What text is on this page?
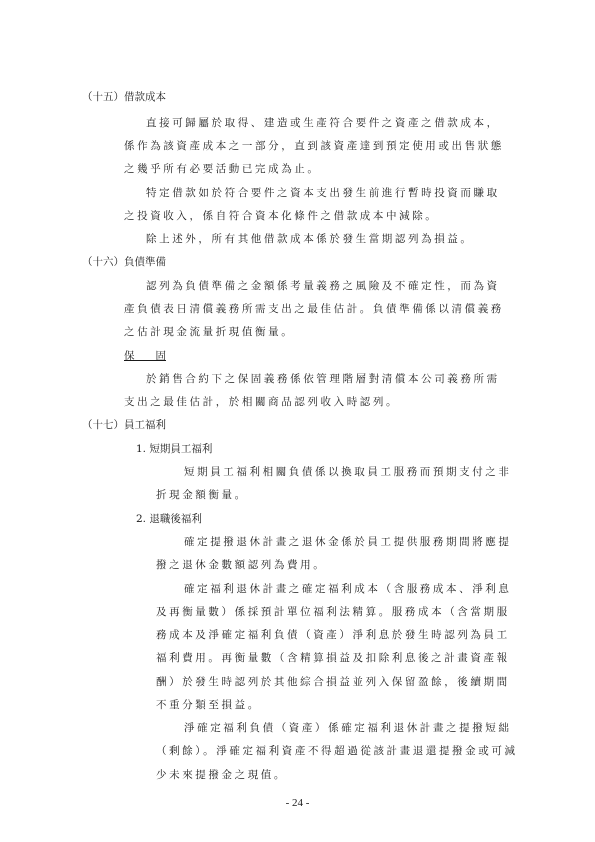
（十五）借款成本
直接可歸屬於取得、建造或生產符合要件之資產之借款成本，
係作為該資產成本之一部分，直到該資產達到預定使用或出售狀態
之幾乎所有必要活動已完成為止。
特定借款如於符合要件之資本支出發生前進行暫時投資而賺取
之投資收入，係自符合資本化條件之借款成本中減除。
除上述外，所有其他借款成本係於發生當期認列為損益。
（十六）負債準備
認列為負債準備之金額係考量義務之風險及不確定性，而為資
產負債表日清償義務所需支出之最佳估計。負債準備係以清償義務
之估計現金流量折現值衡量。
保　　固
於銷售合約下之保固義務係依管理階層對清償本公司義務所需
支出之最佳估計，於相關商品認列收入時認列。
（十七）員工福利
1. 短期員工福利
短期員工福利相關負債係以換取員工服務而預期支付之非
折現金額衡量。
2. 退職後福利
確定提撥退休計畫之退休金係於員工提供服務期間將應提
撥之退休金數額認列為費用。
確定福利退休計畫之確定福利成本（含服務成本、淨利息
及再衡量數）係採預計單位福利法精算。服務成本（含當期服
務成本及淨確定福利負債（資產）淨利息於發生時認列為員工
福利費用。再衡量數（含精算損益及扣除利息後之計畫資產報
酬）於發生時認列於其他綜合損益並列入保留盈餘，後續期間
不重分類至損益。
淨確定福利負債（資產）係確定福利退休計畫之提撥短絀
（剩餘）。淨確定福利資產不得超過從該計畫退還提撥金或可減
少未來提撥金之現值。
- 24 -
